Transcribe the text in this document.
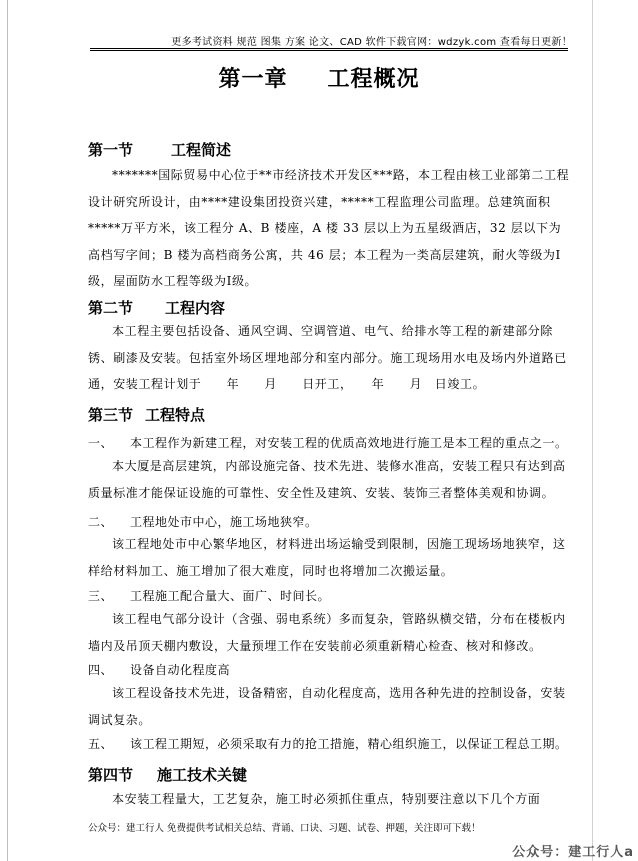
更多考试资料 规范 图集 方案 论文、CAD 软件下载官网：wdzyk.com 查看每日更新！
第一章 工程概况
第一节	工程简述
*******国际贸易中心位于**市经济技术开发区***路，本工程由核工业部第二工程设计研究所设计，由****建设集团投资兴建，*****工程监理公司监理。总建筑面积*****万平方米，该工程分 A、B 楼座，A 楼 33 层以上为五星级酒店，32 层以下为高档写字间；B 楼为高档商务公寓，共 46 层；本工程为一类高层建筑，耐火等级为Ⅰ级，屋面防水工程等级为Ⅰ级。
第二节 工程内容
本工程主要包括设备、通风空调、空调管道、电气、给排水等工程的新建部分除锈、刷漆及安装。包括室外场区埋地部分和室内部分。施工现场用水电及场内外道路已通，安装工程计划于　　年　　月　　日开工，　　年　　月　日竣工。
第三节 工程特点
一、 本工程作为新建工程，对安装工程的优质高效地进行施工是本工程的重点之一。
本大厦是高层建筑，内部设施完备、技术先进、装修水准高，安装工程只有达到高质量标准才能保证设施的可靠性、安全性及建筑、安装、装饰三者整体美观和协调。
二、 工程地处市中心，施工场地狭窄。
该工程地处市中心繁华地区，材料进出场运输受到限制，因施工现场场地狭窄，这样给材料加工、施工增加了很大难度，同时也将增加二次搬运量。
三、 工程施工配合量大、面广、时间长。
该工程电气部分设计（含强、弱电系统）多而复杂，管路纵横交错，分布在楼板内墙内及吊顶天棚内敷设，大量预埋工作在安装前必须重新精心检查、核对和修改。
四、 设备自动化程度高
该工程设备技术先进，设备精密，自动化程度高，选用各种先进的控制设备，安装调试复杂。
五、 该工程工期短，必须采取有力的抢工措施，精心组织施工，以保证工程总工期。
第四节 施工技术关键
本安装工程量大，工艺复杂，施工时必须抓住重点，特别要注意以下几个方面
公众号：建工行人 免费提供考试相关总结、背诵、口诀、习题、试卷、押题，关注即可下载！
公众号：建工行人a
